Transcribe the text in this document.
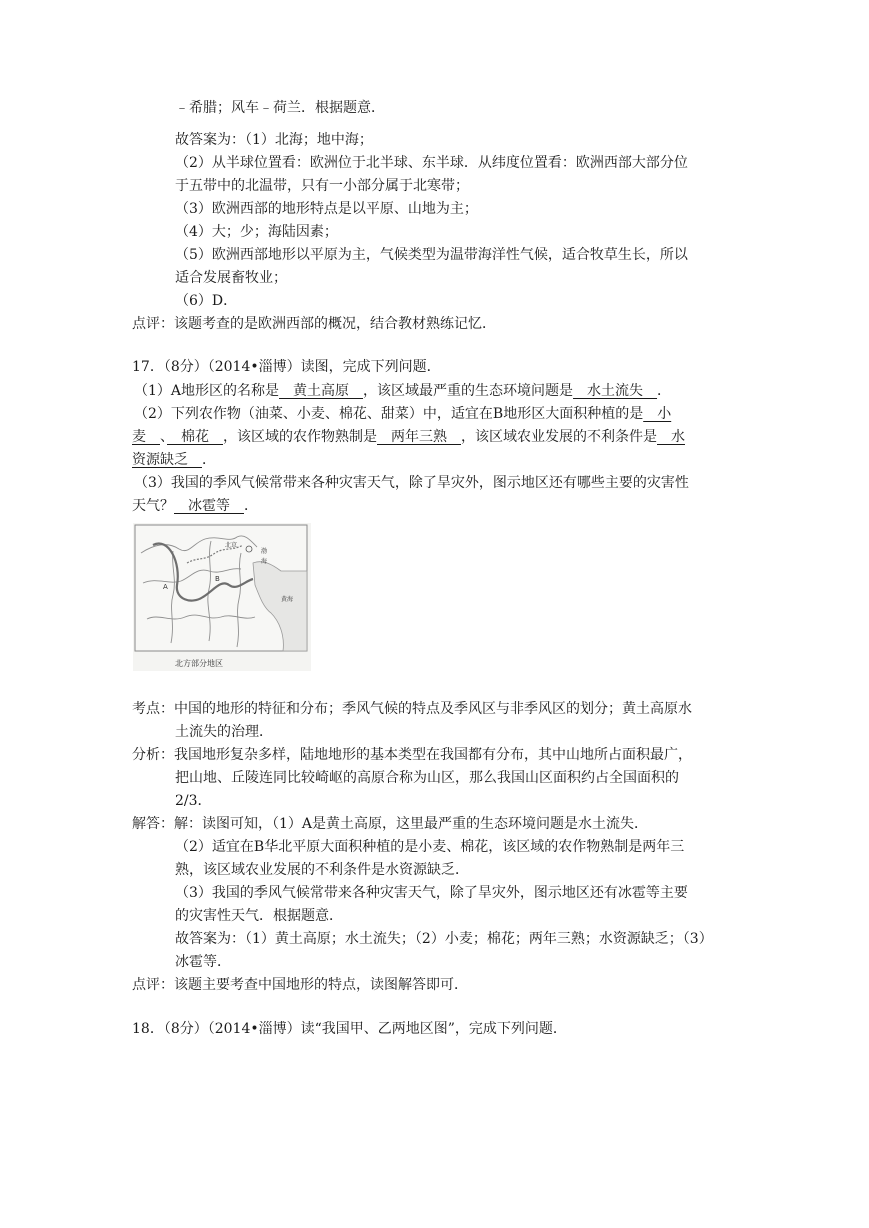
﹣希腊；风车﹣荷兰．根据题意．
故答案为：（1）北海；地中海；
（2）从半球位置看：欧洲位于北半球、东半球．从纬度位置看：欧洲西部大部分位
于五带中的北温带，只有一小部分属于北寒带；
（3）欧洲西部的地形特点是以平原、山地为主；
（4）大；少；海陆因素；
（5）欧洲西部地形以平原为主，气候类型为温带海洋性气候，适合牧草生长，所以
适合发展畜牧业；
（6）D．
点评：该题考查的是欧洲西部的概况，结合教材熟练记忆．
17．（8分）（2014•淄博）读图，完成下列问题．
（1）A地形区的名称是　黄土高原　，该区域最严重的生态环境问题是　水土流失　．
（2）下列农作物（油菜、小麦、棉花、甜菜）中，适宜在B地形区大面积种植的是　小
麦　、　棉花　，该区域的农作物熟制是　两年三熟　，该区域农业发展的不利条件是　水
资源缺乏　．
（3）我国的季风气候常带来各种灾害天气，除了旱灾外，图示地区还有哪些主要的灾害性
天气？　冰雹等　．
A
B
北京
渤
海
黄海
北方部分地区
考点：中国的地形的特征和分布；季风气候的特点及季风区与非季风区的划分；黄土高原水
土流失的治理．
分析：我国地形复杂多样，陆地地形的基本类型在我国都有分布，其中山地所占面积最广，
把山地、丘陵连同比较崎岖的高原合称为山区，那么我国山区面积约占全国面积的
2/3．
解答：解：读图可知，（1）A是黄土高原，这里最严重的生态环境问题是水土流失．
（2）适宜在B华北平原大面积种植的是小麦、棉花，该区域的农作物熟制是两年三
熟，该区域农业发展的不利条件是水资源缺乏．
（3）我国的季风气候常带来各种灾害天气，除了旱灾外，图示地区还有冰雹等主要
的灾害性天气．根据题意．
故答案为：（1）黄土高原；水土流失；（2）小麦；棉花；两年三熟；水资源缺乏；（3）
冰雹等．
点评：该题主要考查中国地形的特点，读图解答即可．
18．（8分）（2014•淄博）读“我国甲、乙两地区图”，完成下列问题．
